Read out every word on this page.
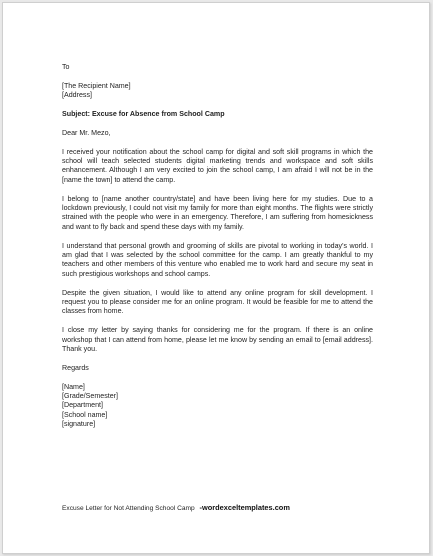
To
[The Recipient Name]
[Address]
Subject: Excuse for Absence from School Camp
Dear Mr. Mezo,

I received your notification about the school camp for digital and soft skill programs in which the school will teach selected students digital marketing trends and workspace and soft skills enhancement. Although I am very excited to join the school camp, I am afraid I will not be in the [name the town] to attend the camp.

I belong to [name another country/state] and have been living here for my studies. Due to a lockdown previously, I could not visit my family for more than eight months. The flights were strictly strained with the people who were in an emergency. Therefore, I am suffering from homesickness and want to fly back and spend these days with my family.

I understand that personal growth and grooming of skills are pivotal to working in today's world. I am glad that I was selected by the school committee for the camp. I am greatly thankful to my teachers and other members of this venture who enabled me to work hard and secure my seat in such prestigious workshops and school camps.

Despite the given situation, I would like to attend any online program for skill development. I request you to please consider me for an online program. It would be feasible for me to attend the classes from home.

I close my letter by saying thanks for considering me for the program. If there is an online workshop that I can attend from home, please let me know by sending an email to [email address]. Thank you.

Regards
[Name]
[Grade/Semester]
[Department]
[School name]
[signature]
Excuse Letter for Not Attending School Camp -wordexceltemplates.com
